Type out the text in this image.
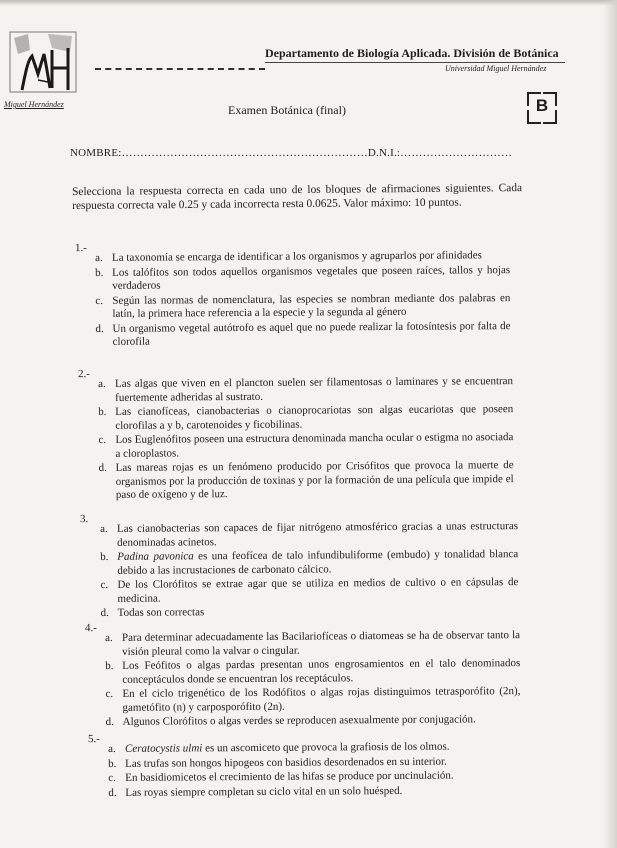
Miguel Hernández
Departamento de Biología Aplicada. División de Botánica
Universidad Miguel Hernández
Examen Botánica (final)	B
NOMBRE:…………………………………………………………D.N.I.:…………………………
Selecciona la respuesta correcta en cada uno de los bloques de afirmaciones siguientes. Cada respuesta correcta vale 0.25 y cada incorrecta resta 0.0625. Valor máximo: 10 puntos.
1.-
a. La taxonomía se encarga de identificar a los organismos y agruparlos por afinidades
b. Los talófitos son todos aquellos organismos vegetales que poseen raíces, tallos y hojas verdaderos
c. Según las normas de nomenclatura, las especies se nombran mediante dos palabras en latín, la primera hace referencia a la especie y la segunda al género
d. Un organismo vegetal autótrofo es aquel que no puede realizar la fotosíntesis por falta de clorofila
2.-
a. Las algas que viven en el plancton suelen ser filamentosas o laminares y se encuentran fuertemente adheridas al sustrato.
b. Las cianofíceas, cianobacterias o cianoprocariotas son algas eucariotas que poseen clorofilas a y b, carotenoides y ficobilinas.
c. Los Euglenófitos poseen una estructura denominada mancha ocular o estigma no asociada a cloroplastos.
d. Las mareas rojas es un fenómeno producido por Crisófitos que provoca la muerte de organismos por la producción de toxinas y por la formación de una película que impide el paso de oxígeno y de luz.
3.
a. Las cianobacterias son capaces de fijar nitrógeno atmosférico gracias a unas estructuras denominadas acinetos.
b. Padina pavonica es una feofícea de talo infundibuliforme (embudo) y tonalidad blanca debido a las incrustaciones de carbonato cálcico.
c. De los Clorófitos se extrae agar que se utiliza en medios de cultivo o en cápsulas de medicina.
d. Todas son correctas
4.-
a. Para determinar adecuadamente las Bacilariofíceas o diatomeas se ha de observar tanto la visión pleural como la valvar o cingular.
b. Los Feófitos o algas pardas presentan unos engrosamientos en el talo denominados conceptáculos donde se encuentran los receptáculos.
c. En el ciclo trigenético de los Rodófitos o algas rojas distinguimos tetrasporófito (2n), gametófito (n) y carposporófito (2n).
d. Algunos Clorófitos o algas verdes se reproducen asexualmente por conjugación.
5.-
a. Ceratocystis ulmi es un ascomiceto que provoca la grafiosis de los olmos.
b. Las trufas son hongos hipogeos con basidios desordenados en su interior.
c. En basidiomicetos el crecimiento de las hifas se produce por uncinulación.
d. Las royas siempre completan su ciclo vital en un solo huésped.
